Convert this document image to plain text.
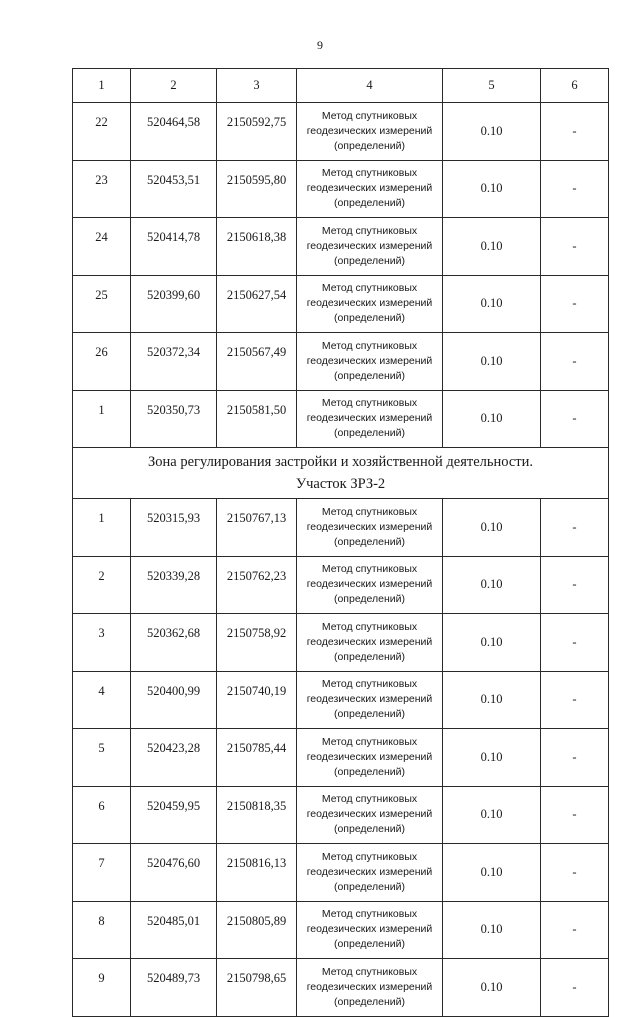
9
1	2	3	4	5	6
22	520464,58	2150592,75	Метод спутниковых
геодезических измерений
(определений)	0.10	-
23	520453,51	2150595,80	Метод спутниковых
геодезических измерений
(определений)	0.10	-
24	520414,78	2150618,38	Метод спутниковых
геодезических измерений
(определений)	0.10	-
25	520399,60	2150627,54	Метод спутниковых
геодезических измерений
(определений)	0.10	-
26	520372,34	2150567,49	Метод спутниковых
геодезических измерений
(определений)	0.10	-
1	520350,73	2150581,50	Метод спутниковых
геодезических измерений
(определений)	0.10	-

Зона регулирования застройки и хозяйственной деятельности.
Участок ЗРЗ-2					

1	520315,93	2150767,13	Метод спутниковых
геодезических измерений
(определений)	0.10	-
2	520339,28	2150762,23	Метод спутниковых
геодезических измерений
(определений)	0.10	-
3	520362,68	2150758,92	Метод спутниковых
геодезических измерений
(определений)	0.10	-
4	520400,99	2150740,19	Метод спутниковых
геодезических измерений
(определений)	0.10	-
5	520423,28	2150785,44	Метод спутниковых
геодезических измерений
(определений)	0.10	-
6	520459,95	2150818,35	Метод спутниковых
геодезических измерений
(определений)	0.10	-
7	520476,60	2150816,13	Метод спутниковых
геодезических измерений
(определений)	0.10	-
8	520485,01	2150805,89	Метод спутниковых
геодезических измерений
(определений)	0.10	-
9	520489,73	2150798,65	Метод спутниковых
геодезических измерений
(определений)	0.10	-
